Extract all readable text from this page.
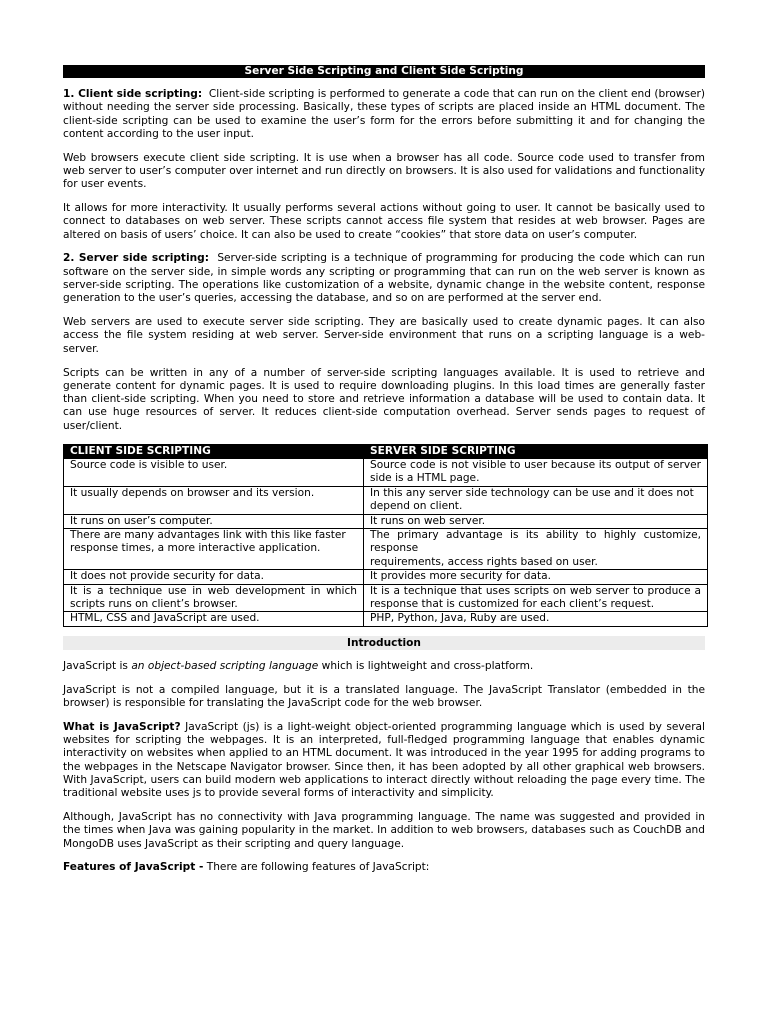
Server Side Scripting and Client Side Scripting

1. Client side scripting: Client-side scripting is performed to generate a code that can run on the client end (browser) without needing the server side processing. Basically, these types of scripts are placed inside an HTML document. The client-side scripting can be used to examine the user’s form for the errors before submitting it and for changing the content according to the user input.

Web browsers execute client side scripting. It is use when a browser has all code. Source code used to transfer from web server to user’s computer over internet and run directly on browsers. It is also used for validations and functionality for user events.

It allows for more interactivity. It usually performs several actions without going to user. It cannot be basically used to connect to databases on web server. These scripts cannot access file system that resides at web browser. Pages are altered on basis of users’ choice. It can also be used to create “cookies” that store data on user’s computer.

2. Server side scripting: Server-side scripting is a technique of programming for producing the code which can run software on the server side, in simple words any scripting or programming that can run on the web server is known as server-side scripting. The operations like customization of a website, dynamic change in the website content, response generation to the user’s queries, accessing the database, and so on are performed at the server end.

Web servers are used to execute server side scripting. They are basically used to create dynamic pages. It can also access the file system residing at web server. Server-side environment that runs on a scripting language is a web-server.

Scripts can be written in any of a number of server-side scripting languages available. It is used to retrieve and generate content for dynamic pages. It is used to require downloading plugins. In this load times are generally faster than client-side scripting. When you need to store and retrieve information a database will be used to contain data. It can use huge resources of server. It reduces client-side computation overhead. Server sends pages to request of user/client.

CLIENT SIDE SCRIPTING	SERVER SIDE SCRIPTING
Source code is visible to user.	Source code is not visible to user because its output of server side is a HTML page.
It usually depends on browser and its version.	In this any server side technology can be use and it does not
depend on client.

It runs on user’s computer.	It runs on web server.

There are many advantages link with this like faster
response times, a more interactive application.	The primary advantage is its ability to highly customize, response
requirements, access rights based on user.

It does not provide security for data.	It provides more security for data.
It is a technique use in web development in which scripts runs on client’s browser.	It is a technique that uses scripts on web server to produce a response that is customized for each client’s request.
HTML, CSS and JavaScript are used.	PHP, Python, Java, Ruby are used.
Introduction

JavaScript is an object-based scripting language which is lightweight and cross-platform.

JavaScript is not a compiled language, but it is a translated language. The JavaScript Translator (embedded in the browser) is responsible for translating the JavaScript code for the web browser.

What is JavaScript? JavaScript (js) is a light-weight object-oriented programming language which is used by several websites for scripting the webpages. It is an interpreted, full-fledged programming language that enables dynamic interactivity on websites when applied to an HTML document. It was introduced in the year 1995 for adding programs to the webpages in the Netscape Navigator browser. Since then, it has been adopted by all other graphical web browsers. With JavaScript, users can build modern web applications to interact directly without reloading the page every time. The traditional website uses js to provide several forms of interactivity and simplicity.

Although, JavaScript has no connectivity with Java programming language. The name was suggested and provided in the times when Java was gaining popularity in the market. In addition to web browsers, databases such as CouchDB and MongoDB uses JavaScript as their scripting and query language.

Features of JavaScript - There are following features of JavaScript:
